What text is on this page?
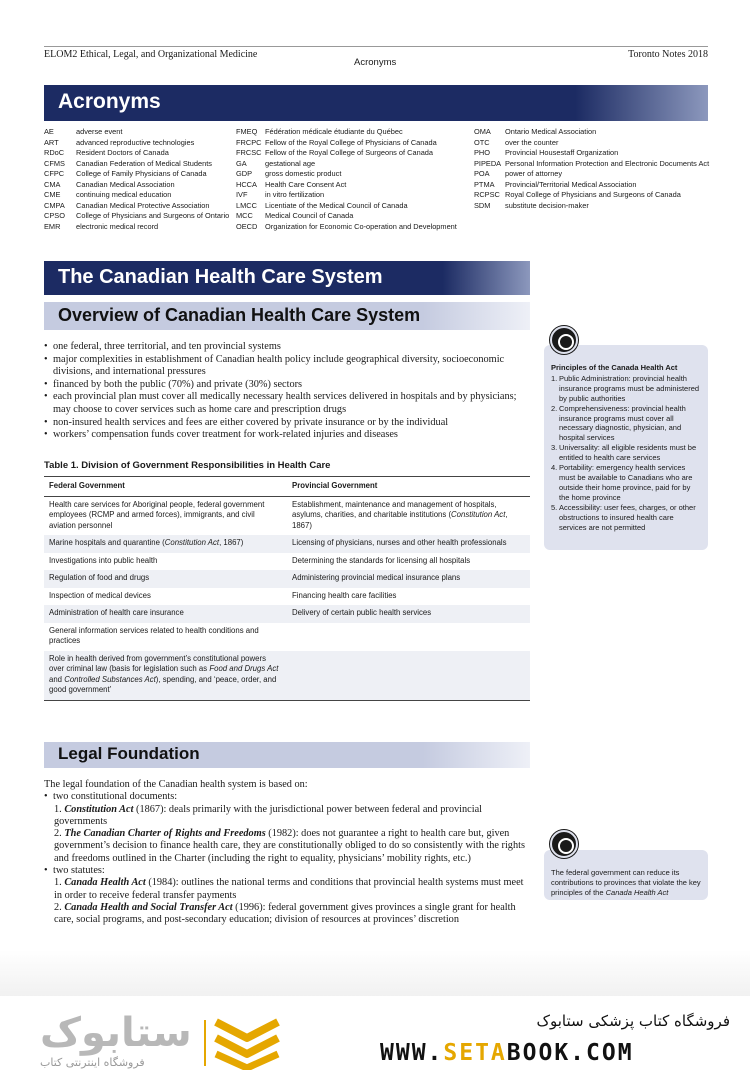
ELOM2 Ethical, Legal, and Organizational Medicine
Acronyms
Toronto Notes 2018
Acronyms
AE	adverse event
ART	advanced reproductive technologies
RDoC	Resident Doctors of Canada
CFMS	Canadian Federation of Medical Students
CFPC	College of Family Physicians of Canada
CMA	Canadian Medical Association
CME	continuing medical education
CMPA	Canadian Medical Protective Association
CPSO	College of Physicians and Surgeons of Ontario
EMR	electronic medical record
FMEQ	Fédération médicale étudiante du Québec
FRCPC Fellow of the Royal College of Physicians of Canada
FRCSC Fellow of the Royal College of Surgeons of Canada
GA	gestational age
GDP	gross domestic product
HCCA	Health Care Consent Act
IVF	in vitro fertilization
LMCC	Licentiate of the Medical Council of Canada
MCC	Medical Council of Canada
OECD	Organization for Economic Co-operation and Development
OMA	Ontario Medical Association
OTC	over the counter
PHO	Provincial Housestaff Organization
PIPEDA Personal Information Protection and Electronic Documents Act
POA	power of attorney
PTMA	Provincial/Territorial Medical Association
RCPSC Royal College of Physicians and Surgeons of Canada
SDM	substitute decision-maker
The Canadian Health Care System
Overview of Canadian Health Care System
• one federal, three territorial, and ten provincial systems
• major complexities in establishment of Canadian health policy include geographical diversity, socioeconomic divisions, and international pressures
• financed by both the public (70%) and private (30%) sectors
• each provincial plan must cover all medically necessary health services delivered in hospitals and by physicians; may choose to cover services such as home care and prescription drugs
• non-insured health services and fees are either covered by private insurance or by the individual
• workers’ compensation funds cover treatment for work-related injuries and diseases
Table 1. Division of Government Responsibilities in Health Care
Federal Government	Provincial Government
Health care services for Aboriginal people, federal government employees (RCMP and armed forces), immigrants, and civil aviation personnel	Establishment, maintenance and management of hospitals, asylums, charities, and charitable institutions (Constitution Act, 1867)
Marine hospitals and quarantine (Constitution Act, 1867)	Licensing of physicians, nurses and other health professionals
Investigations into public health	Determining the standards for licensing all hospitals
Regulation of food and drugs	Administering provincial medical insurance plans
Inspection of medical devices	Financing health care facilities
Administration of health care insurance	Delivery of certain public health services
General information services related to health conditions and practices	
Role in health derived from government’s constitutional powers over criminal law (basis for legislation such as Food and Drugs Act and Controlled Substances Act), spending, and ‘peace, order, and good government’	
Legal Foundation
The legal foundation of the Canadian health system is based on:
• two constitutional documents:
1. Constitution Act (1867): deals primarily with the jurisdictional power between federal and provincial governments
2. The Canadian Charter of Rights and Freedoms (1982): does not guarantee a right to health care but, given government’s decision to finance health care, they are constitutionally obliged to do so consistently with the rights and freedoms outlined in the Charter (including the right to equality, physicians’ mobility rights, etc.)
• two statutes:
1. Canada Health Act (1984): outlines the national terms and conditions that provincial health systems must meet in order to receive federal transfer payments
2. Canada Health and Social Transfer Act (1996): federal government gives provinces a single grant for health care, social programs, and post-secondary education; division of resources at provinces’ discretion
Principles of the Canada Health Act
1. Public Administration: provincial health insurance programs must be administered by public authorities
2. Comprehensiveness: provincial health insurance programs must cover all necessary diagnostic, physician, and hospital services
3. Universality: all eligible residents must be entitled to health care services
4. Portability: emergency health services must be available to Canadians who are outside their home province, paid for by the home province
5. Accessibility: user fees, charges, or other obstructions to insured health care services are not permitted
The federal government can reduce its contributions to provinces that violate the key principles of the Canada Health Act
ستابوک
فروشگاه اینترنتی کتاب
فروشگاه کتاب پزشکی ستابوک
WWW.SETABOOK.COM
